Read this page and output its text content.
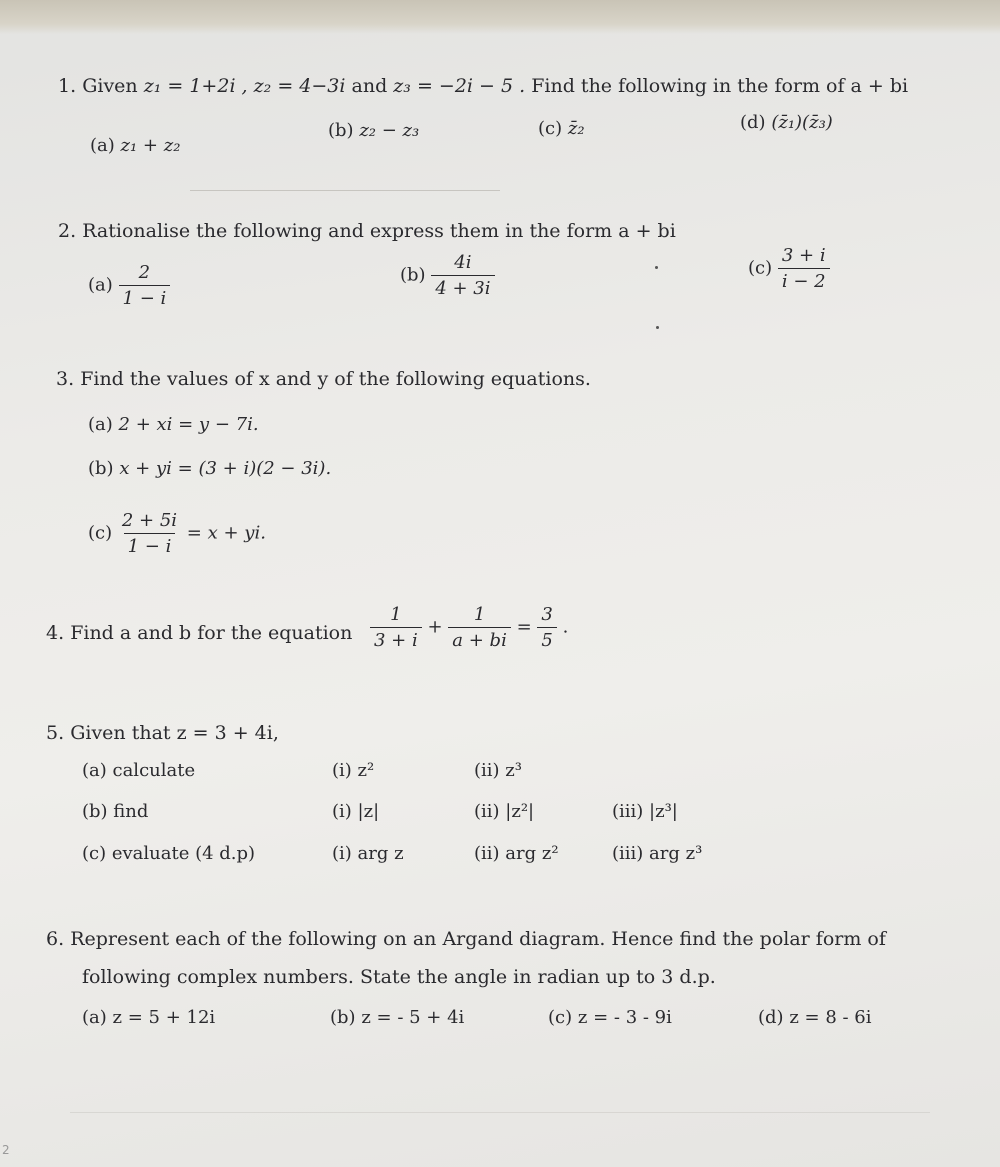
1. Given z₁ = 1+2i , z₂ = 4−3i and z₃ = −2i − 5 . Find the following in the form of a + bi
(a) z₁ + z₂
(b) z₂ − z₃	(c) z̄₂	(d) (z̄₁)(z̄₃)
2. Rationalise the following and express them in the form a + bi
$(a) \frac{2}{1 - i}$	$(b) \frac{4i}{4 + 3i}$	$(c) \frac{3 + i}{i - 2}$
3. Find the values of x and y of the following equations.
(a) 2 + xi = y − 7i.
(b) x + yi = (3 + i)(2 − 3i).
$(c) \frac{2 + 5i}{1 - i} = x$ + yi.
4. Find a and b for the equation $\frac{1}{3 + i} + \frac{1}{a + bi} = \frac{3}{5}$ .
5. Given that z = 3 + 4i,
(a) calculate	(i) z²	(ii) z³
(b) find	(i) |z|	(ii) |z²|	(iii) |z³|
(c) evaluate (4 d.p)	(i) arg z	(ii) arg z²	(iii) arg z³
6. Represent each of the following on an Argand diagram. Hence find the polar form of
following complex numbers. State the angle in radian up to 3 d.p.
(a) z = 5 + 12i	(b) z = - 5 + 4i	(c) z = - 3 - 9i	(d) z = 8 - 6i
2
